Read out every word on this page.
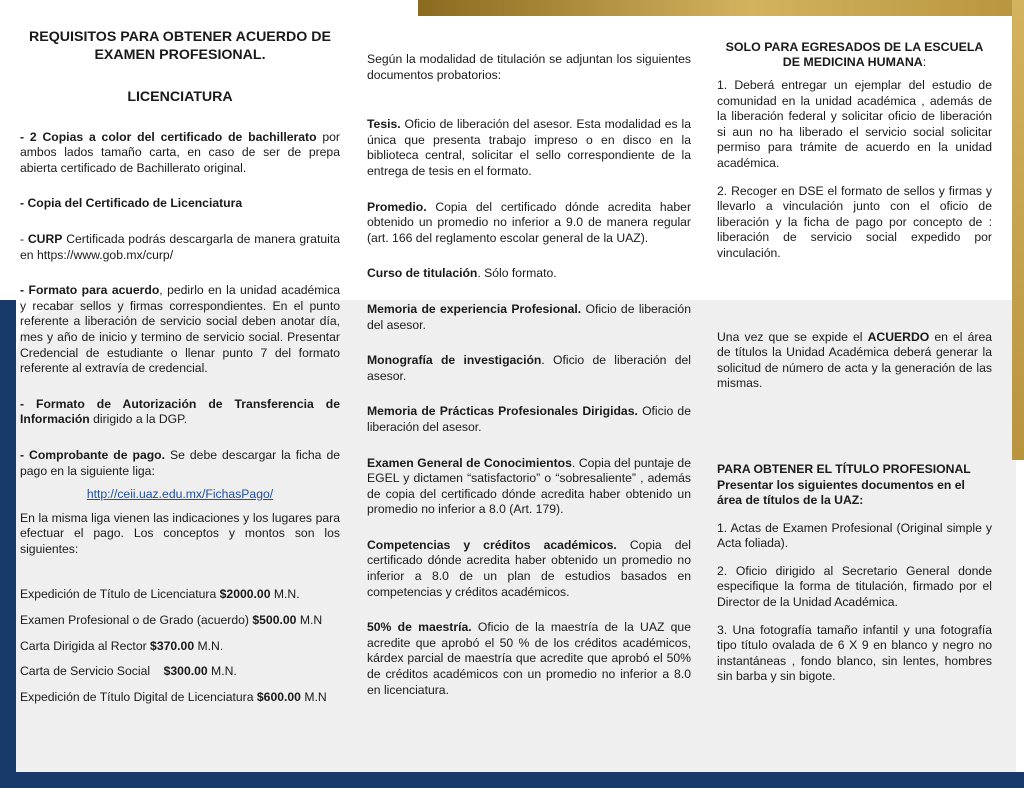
REQUISITOS PARA OBTENER ACUERDO DE EXAMEN PROFESIONAL.

LICENCIATURA

- 2 Copias a color del certificado de bachillerato por ambos lados tamaño carta, en caso de ser de prepa abierta certificado de Bachillerato original.

- Copia del Certificado de Licenciatura

- CURP Certificada podrás descargarla de manera gratuita en https://www.gob.mx/curp/

- Formato para acuerdo, pedirlo en la unidad académica y recabar sellos y firmas correspondientes. En el punto referente a liberación de servicio social deben anotar día, mes y año de inicio y termino de servicio social. Presentar Credencial de estudiante o llenar punto 7 del formato referente al extravía de credencial.

- Formato de Autorización de Transferencia de Información dirigido a la DGP.

- Comprobante de pago. Se debe descargar la ficha de pago en la siguiente liga:

http://ceii.uaz.edu.mx/FichasPago/

En la misma liga vienen las indicaciones y los lugares para efectuar el pago. Los conceptos y montos son los siguientes:

Expedición de Título de Licenciatura $2000.00 M.N.

Examen Profesional o de Grado (acuerdo) $500.00 M.N

Carta Dirigida al Rector $370.00 M.N.

Carta de Servicio Social    $300.00 M.N.

Expedición de Título Digital de Licenciatura $600.00 M.N

Según la modalidad de titulación se adjuntan los siguientes documentos probatorios:

Tesis. Oficio de liberación del asesor. Esta modalidad es la única que presenta trabajo impreso o en disco en la biblioteca central, solicitar el sello correspondiente de la entrega de tesis en el formato.

Promedio. Copia del certificado dónde acredita haber obtenido un promedio no inferior a 9.0 de manera regular (art. 166 del reglamento escolar general de la UAZ).

Curso de titulación. Sólo formato.

Memoria de experiencia Profesional. Oficio de liberación del asesor.

Monografía de investigación. Oficio de liberación del asesor.

Memoria de Prácticas Profesionales Dirigidas. Oficio de liberación del asesor.

Examen General de Conocimientos. Copia del puntaje de EGEL y dictamen “satisfactorio” o “sobresaliente” , además de copia del certificado dónde acredita haber obtenido un promedio no inferior a 8.0 (Art. 179).

Competencias y créditos académicos. Copia del certificado dónde acredita haber obtenido un promedio no inferior a 8.0 de un plan de estudios basados en competencias y créditos académicos.

50% de maestría. Oficio de la maestría de la UAZ que acredite que aprobó el 50 % de los créditos académicos, kárdex parcial de maestría que acredite que aprobó el 50% de créditos académicos con un promedio no inferior a 8.0 en licenciatura.

SOLO PARA EGRESADOS DE LA ESCUELA DE MEDICINA HUMANA:

1. Deberá entregar un ejemplar del estudio de comunidad en la unidad académica , además de la liberación federal y solicitar oficio de liberación si aun no ha liberado el servicio social solicitar permiso para trámite de acuerdo en la unidad académica.

2. Recoger en DSE el formato de sellos y firmas y llevarlo a vinculación junto con el oficio de liberación y la ficha de pago por concepto de : liberación de servicio social expedido por vinculación.

Una vez que se expide el ACUERDO en el área de títulos la Unidad Académica deberá generar la solicitud de número de acta y la generación de las mismas.

PARA OBTENER EL TÍTULO PROFESIONAL Presentar los siguientes documentos en el área de títulos de la UAZ:

1. Actas de Examen Profesional (Original simple y Acta foliada).

2. Oficio dirigido al Secretario General donde especifique la forma de titulación, firmado por el Director de la Unidad Académica.

3. Una fotografía tamaño infantil y una fotografía tipo título ovalada de 6 X 9 en blanco y negro no instantáneas , fondo blanco, sin lentes, hombres sin barba y sin bigote.
